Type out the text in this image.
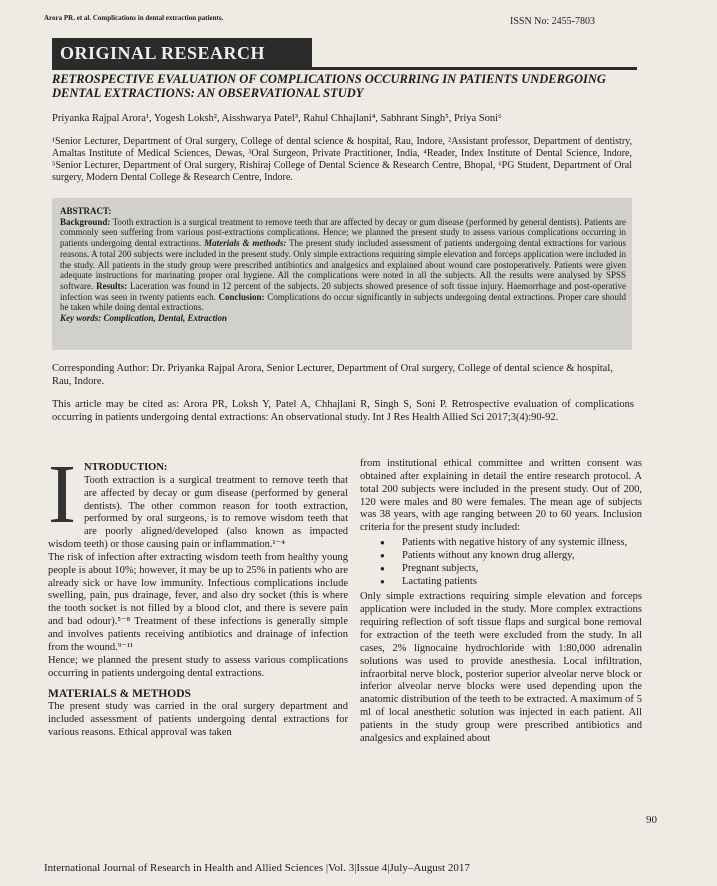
Arora PR. et al. Complications in dental extraction patients.	ISSN No: 2455-7803
ORIGINAL RESEARCH
RETROSPECTIVE EVALUATION OF COMPLICATIONS OCCURRING IN PATIENTS UNDERGOING DENTAL EXTRACTIONS: AN OBSERVATIONAL STUDY
Priyanka Rajpal Arora¹, Yogesh Loksh², Aisshwarya Patel³, Rahul Chhajlani⁴, Sabhrant Singh⁵, Priya Soni⁶
¹Senior Lecturer, Department of Oral surgery, College of dental science & hospital, Rau, Indore, ²Assistant professor, Department of dentistry, Amaltas Institute of Medical Sciences, Dewas, ³Oral Surgeon, Private Practitioner, India, ⁴Reader, Index Institute of Dental Science, Indore, ⁵Senior Lecturer, Department of Oral surgery, Rishiraj College of Dental Science & Research Centre, Bhopal, ⁶PG Student, Department of Oral surgery, Modern Dental College & Research Centre, Indore.
ABSTRACT:
Background: Tooth extraction is a surgical treatment to remove teeth that are affected by decay or gum disease (performed by general dentists). Patients are commonly seen suffering from various post-extractions complications. Hence; we planned the present study to assess various complications occurring in patients undergoing dental extractions. Materials & methods: The present study included assessment of patients undergoing dental extractions for various reasons. A total 200 subjects were included in the present study. Only simple extractions requiring simple elevation and forceps application were included in the study. All patients in the study group were prescribed antibiotics and analgesics and explained about wound care postoperatively. Patients were given adequate instructions for marinating proper oral hygiene. All the complications were noted in all the subjects. All the results were analysed by SPSS software. Results: Laceration was found in 12 percent of the subjects. 20 subjects showed presence of soft tissue injury. Haemorrhage and post-operative infection was seen in twenty patients each. Conclusion: Complications do occur significantly in subjects undergoing dental extractions. Proper care should be taken while doing dental extractions.
Key words: Complication, Dental, Extraction
Corresponding Author: Dr. Priyanka Rajpal Arora, Senior Lecturer, Department of Oral surgery, College of dental science & hospital, Rau, Indore.
This article may be cited as: Arora PR, Loksh Y, Patel A, Chhajlani R, Singh S, Soni P. Retrospective evaluation of complications occurring in patients undergoing dental extractions: An observational study. Int J Res Health Allied Sci 2017;3(4):90-92.
I NTRODUCTION:

Tooth extraction is a surgical treatment to remove teeth that are affected by decay or gum disease (performed by general dentists). The other common reason for tooth extraction, performed by oral surgeons, is to remove wisdom teeth that are poorly aligned/developed (also known as impacted wisdom teeth) or those causing pain or inflammation.¹⁻⁴

The risk of infection after extracting wisdom teeth from healthy young people is about 10%; however, it may be up to 25% in patients who are already sick or have low immunity. Infectious complications include swelling, pain, pus drainage, fever, and also dry socket (this is where the tooth socket is not filled by a blood clot, and there is severe pain and bad odour).⁵⁻⁸ Treatment of these infections is generally simple and involves patients receiving antibiotics and drainage of infection from the wound.⁹⁻¹¹

Hence; we planned the present study to assess various complications occurring in patients undergoing dental extractions.

MATERIALS & METHODS

The present study was carried in the oral surgery department and included assessment of patients undergoing dental extractions for various reasons. Ethical approval was taken

from institutional ethical committee and written consent was obtained after explaining in detail the entire research protocol. A total 200 subjects were included in the present study. Out of 200, 120 were males and 80 were females. The mean age of subjects was 38 years, with age ranging between 20 to 60 years. Inclusion criteria for the present study included:

● Patients with negative history of any systemic illness,
● Patients without any known drug allergy,
● Pregnant subjects,
● Lactating patients

Only simple extractions requiring simple elevation and forceps application were included in the study. More complex extractions requiring reflection of soft tissue flaps and surgical bone removal for extraction of the teeth were excluded from the study. In all cases, 2% lignocaine hydrochloride with 1:80,000 adrenalin solutions was used to provide anesthesia. Local infiltration, infraorbital nerve block, posterior superior alveolar nerve block or inferior alveolar nerve blocks were used depending upon the anatomic distribution of the teeth to be extracted. A maximum of 5 ml of local anesthetic solution was injected in each patient. All patients in the study group were prescribed antibiotics and analgesics and explained about

90
International Journal of Research in Health and Allied Sciences |Vol. 3|Issue 4|July–August 2017
